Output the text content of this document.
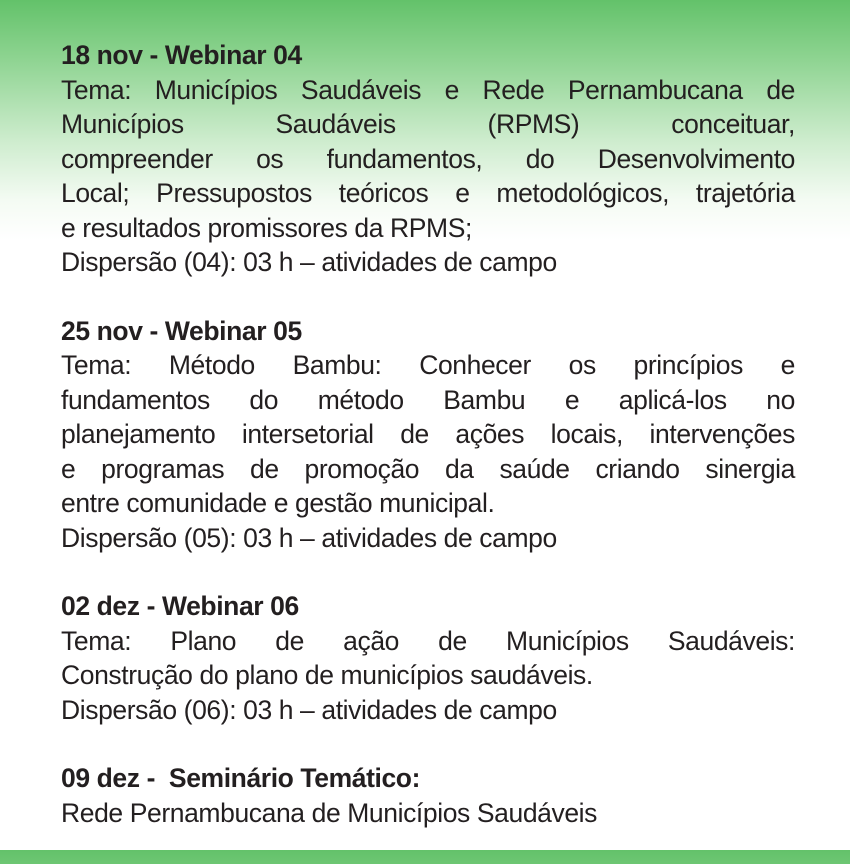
18 nov - Webinar 04
Tema: Municípios Saudáveis e Rede Pernambucana de
Municípios Saudáveis (RPMS) conceituar,
compreender os fundamentos, do Desenvolvimento
Local; Pressupostos teóricos e metodológicos, trajetória
e resultados promissores da RPMS;
Dispersão (04): 03 h – atividades de campo
25 nov - Webinar 05
Tema: Método Bambu: Conhecer os princípios e
fundamentos do método Bambu e aplicá-los no
planejamento intersetorial de ações locais, intervenções
e programas de promoção da saúde criando sinergia
entre comunidade e gestão municipal.
Dispersão (05): 03 h – atividades de campo
02 dez - Webinar 06
Tema: Plano de ação de Municípios Saudáveis:
Construção do plano de municípios saudáveis.
Dispersão (06): 03 h – atividades de campo
09 dez -  Seminário Temático:
Rede Pernambucana de Municípios Saudáveis
